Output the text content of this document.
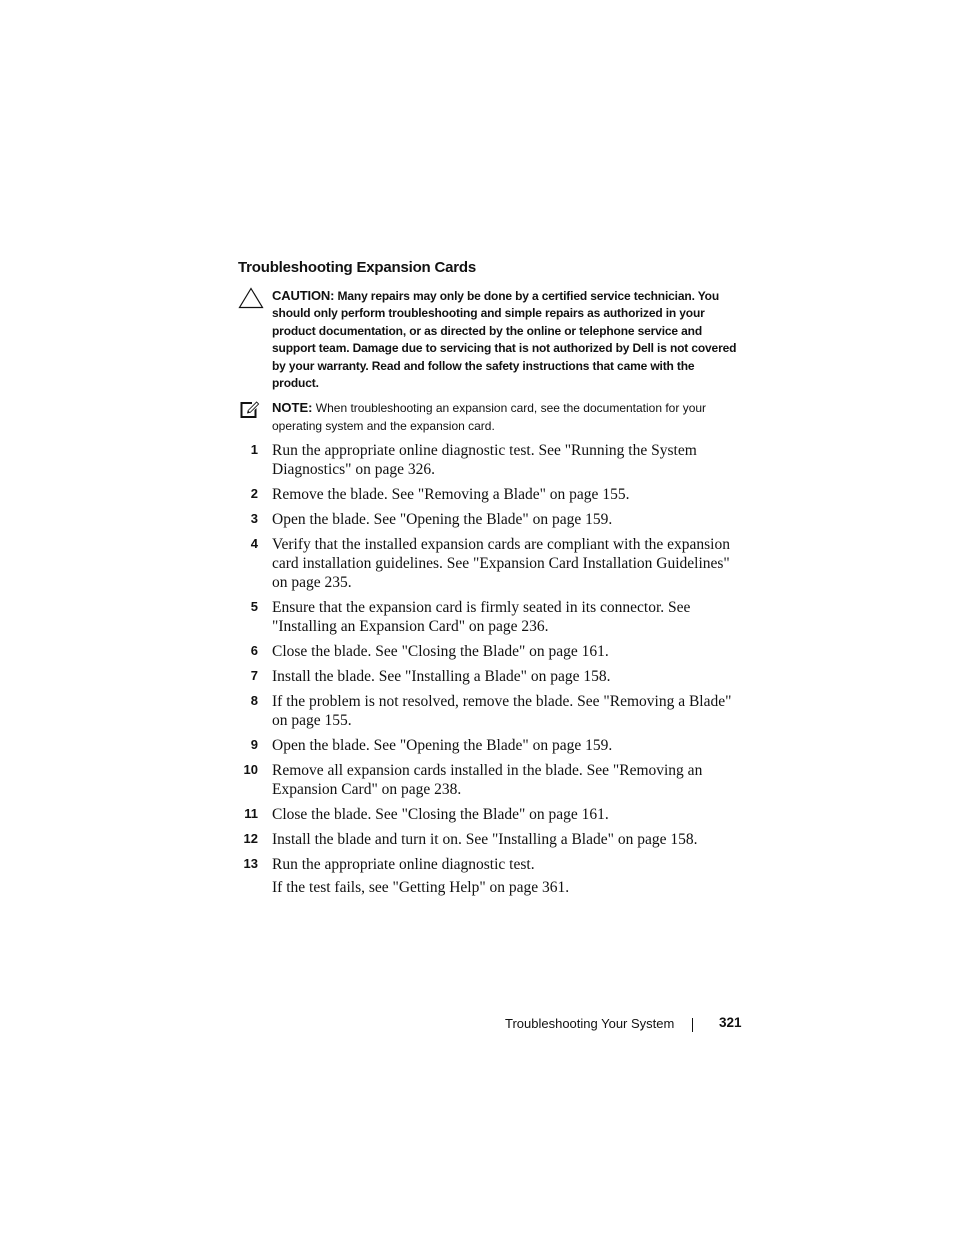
Troubleshooting Expansion Cards
CAUTION: Many repairs may only be done by a certified service technician. You should only perform troubleshooting and simple repairs as authorized in your product documentation, or as directed by the online or telephone service and support team. Damage due to servicing that is not authorized by Dell is not covered by your warranty. Read and follow the safety instructions that came with the product.
NOTE: When troubleshooting an expansion card, see the documentation for your operating system and the expansion card.
1 Run the appropriate online diagnostic test. See "Running the System Diagnostics" on page 326.
2 Remove the blade. See "Removing a Blade" on page 155.
3 Open the blade. See "Opening the Blade" on page 159.
4 Verify that the installed expansion cards are compliant with the expansion card installation guidelines. See "Expansion Card Installation Guidelines" on page 235.
5 Ensure that the expansion card is firmly seated in its connector. See "Installing an Expansion Card" on page 236.
6 Close the blade. See "Closing the Blade" on page 161.
7 Install the blade. See "Installing a Blade" on page 158.
8 If the problem is not resolved, remove the blade. See "Removing a Blade" on page 155.
9 Open the blade. See "Opening the Blade" on page 159.
10 Remove all expansion cards installed in the blade. See "Removing an Expansion Card" on page 238.
11 Close the blade. See "Closing the Blade" on page 161.
12 Install the blade and turn it on. See "Installing a Blade" on page 158.
13 Run the appropriate online diagnostic test.
If the test fails, see "Getting Help" on page 361.
Troubleshooting Your System	321
